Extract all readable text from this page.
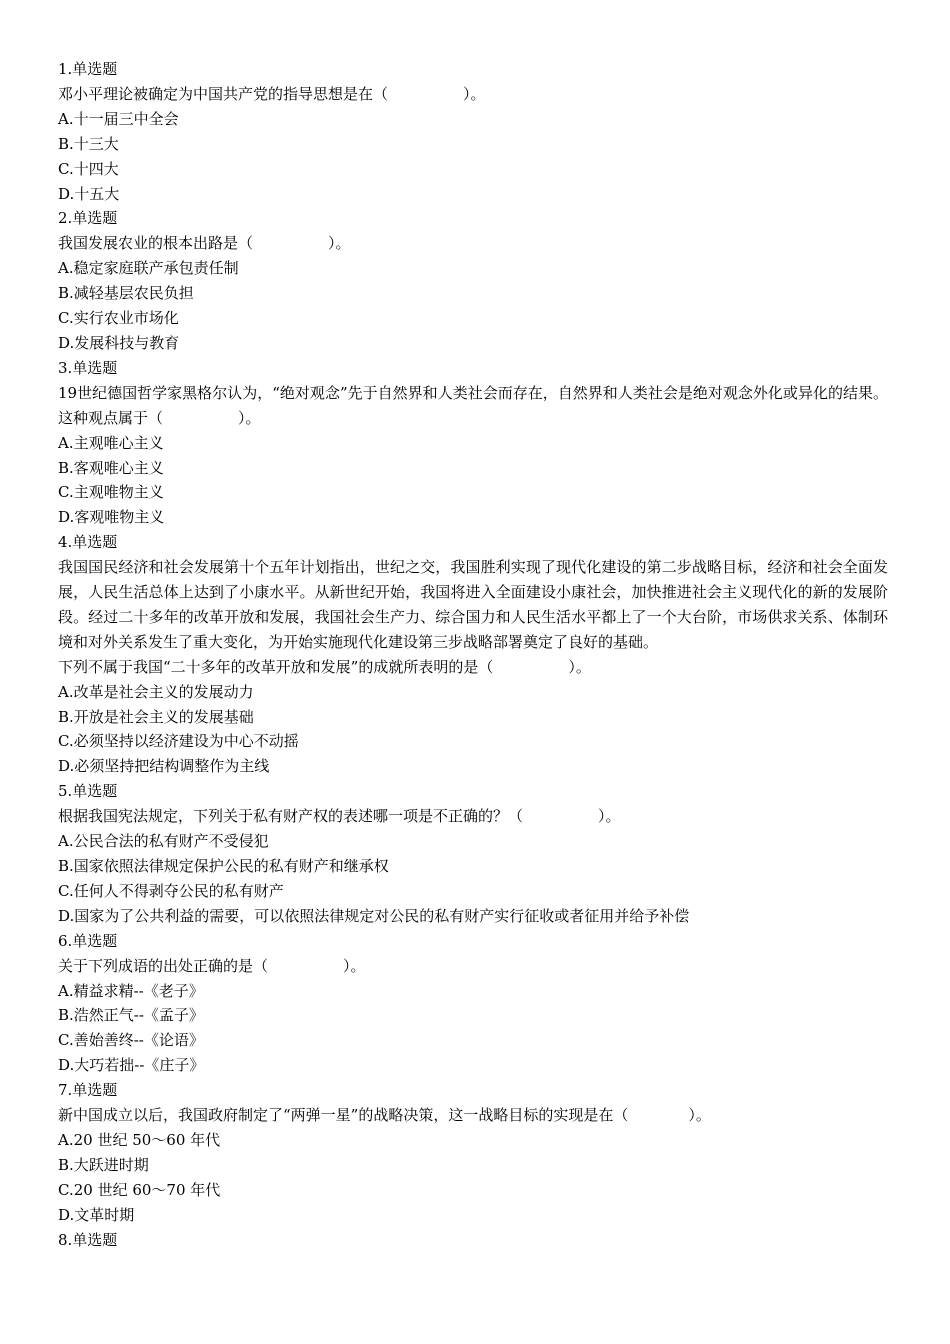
1.单选题

邓小平理论被确定为中国共产党的指导思想是在（　　　　　）。

A.十一届三中全会

B.十三大

C.十四大

D.十五大

2.单选题

我国发展农业的根本出路是（　　　　　）。

A.稳定家庭联产承包责任制

B.减轻基层农民负担

C.实行农业市场化

D.发展科技与教育

3.单选题

19世纪德国哲学家黑格尔认为，“绝对观念”先于自然界和人类社会而存在，自然界和人类社会是绝对观念外化或异化的结果。这种观点属于（　　　　　）。

A.主观唯心主义

B.客观唯心主义

C.主观唯物主义

D.客观唯物主义

4.单选题

我国国民经济和社会发展第十个五年计划指出，世纪之交，我国胜利实现了现代化建设的第二步战略目标，经济和社会全面发展，人民生活总体上达到了小康水平。从新世纪开始，我国将进入全面建设小康社会，加快推进社会主义现代化的新的发展阶段。经过二十多年的改革开放和发展，我国社会生产力、综合国力和人民生活水平都上了一个大台阶，市场供求关系、体制环境和对外关系发生了重大变化，为开始实施现代化建设第三步战略部署奠定了良好的基础。

下列不属于我国“二十多年的改革开放和发展”的成就所表明的是（　　　　　）。

A.改革是社会主义的发展动力

B.开放是社会主义的发展基础

C.必须坚持以经济建设为中心不动摇

D.必须坚持把结构调整作为主线

5.单选题

根据我国宪法规定，下列关于私有财产权的表述哪一项是不正确的？（　　　　　）。

A.公民合法的私有财产不受侵犯

B.国家依照法律规定保护公民的私有财产和继承权

C.任何人不得剥夺公民的私有财产

D.国家为了公共利益的需要，可以依照法律规定对公民的私有财产实行征收或者征用并给予补偿

6.单选题

关于下列成语的出处正确的是（　　　　　）。

A.精益求精--《老子》

B.浩然正气--《孟子》

C.善始善终--《论语》

D.大巧若拙--《庄子》

7.单选题

新中国成立以后，我国政府制定了“两弹一星”的战略决策，这一战略目标的实现是在（　　　　）。

A.20 世纪 50～60 年代

B.大跃进时期

C.20 世纪 60～70 年代

D.文革时期

8.单选题
